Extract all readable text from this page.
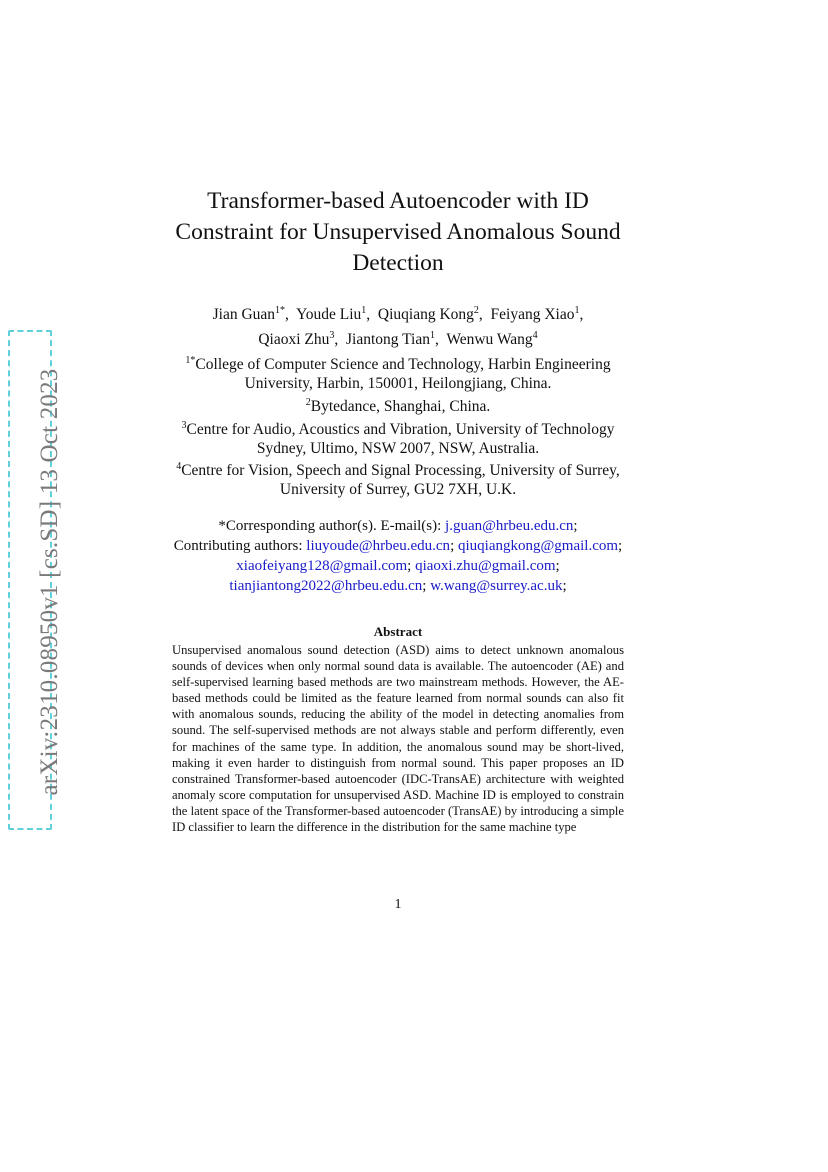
arXiv:2310.08950v1 [cs.SD] 13 Oct 2023
Transformer-based Autoencoder with ID
Constraint for Unsupervised Anomalous Sound
Detection
Jian Guan$^{1*}$,  Youde Liu$^1$,  Qiuqiang Kong$^2$,  Feiyang Xiao$^1$,
Qiaoxi Zhu$^3$,  Jiantong Tian$^1$,  Wenwu Wang$^4$
$^{1*}$College of Computer Science and Technology, Harbin Engineering
University, Harbin, 150001, Heilongjiang, China.
$^2$Bytedance, Shanghai, China.
$^3$Centre for Audio, Acoustics and Vibration, University of Technology
Sydney, Ultimo, NSW 2007, NSW, Australia.
$^4$Centre for Vision, Speech and Signal Processing, University of Surrey,
University of Surrey, GU2 7XH, U.K.
*Corresponding author(s). E-mail(s): j.guan@hrbeu.edu.cn;
Contributing authors: liuyoude@hrbeu.edu.cn; qiuqiangkong@gmail.com;
xiaofeiyang128@gmail.com; qiaoxi.zhu@gmail.com;
tianjiantong2022@hrbeu.edu.cn; w.wang@surrey.ac.uk;
Abstract

Unsupervised anomalous sound detection (ASD) aims to detect unknown anomalous sounds of devices when only normal sound data is available. The autoencoder (AE) and self-supervised learning based methods are two mainstream methods. However, the AE-based methods could be limited as the feature learned from normal sounds can also fit with anomalous sounds, reducing the ability of the model in detecting anomalies from sound. The self-supervised methods are not always stable and perform differently, even for machines of the same type. In addition, the anomalous sound may be short-lived, making it even harder to distinguish from normal sound. This paper proposes an ID constrained Transformer-based autoencoder (IDC-TransAE) architecture with weighted anomaly score computation for unsupervised ASD. Machine ID is employed to constrain the latent space of the Transformer-based autoencoder (TransAE) by introducing a simple ID classifier to learn the difference in the distribution for the same machine type

1
